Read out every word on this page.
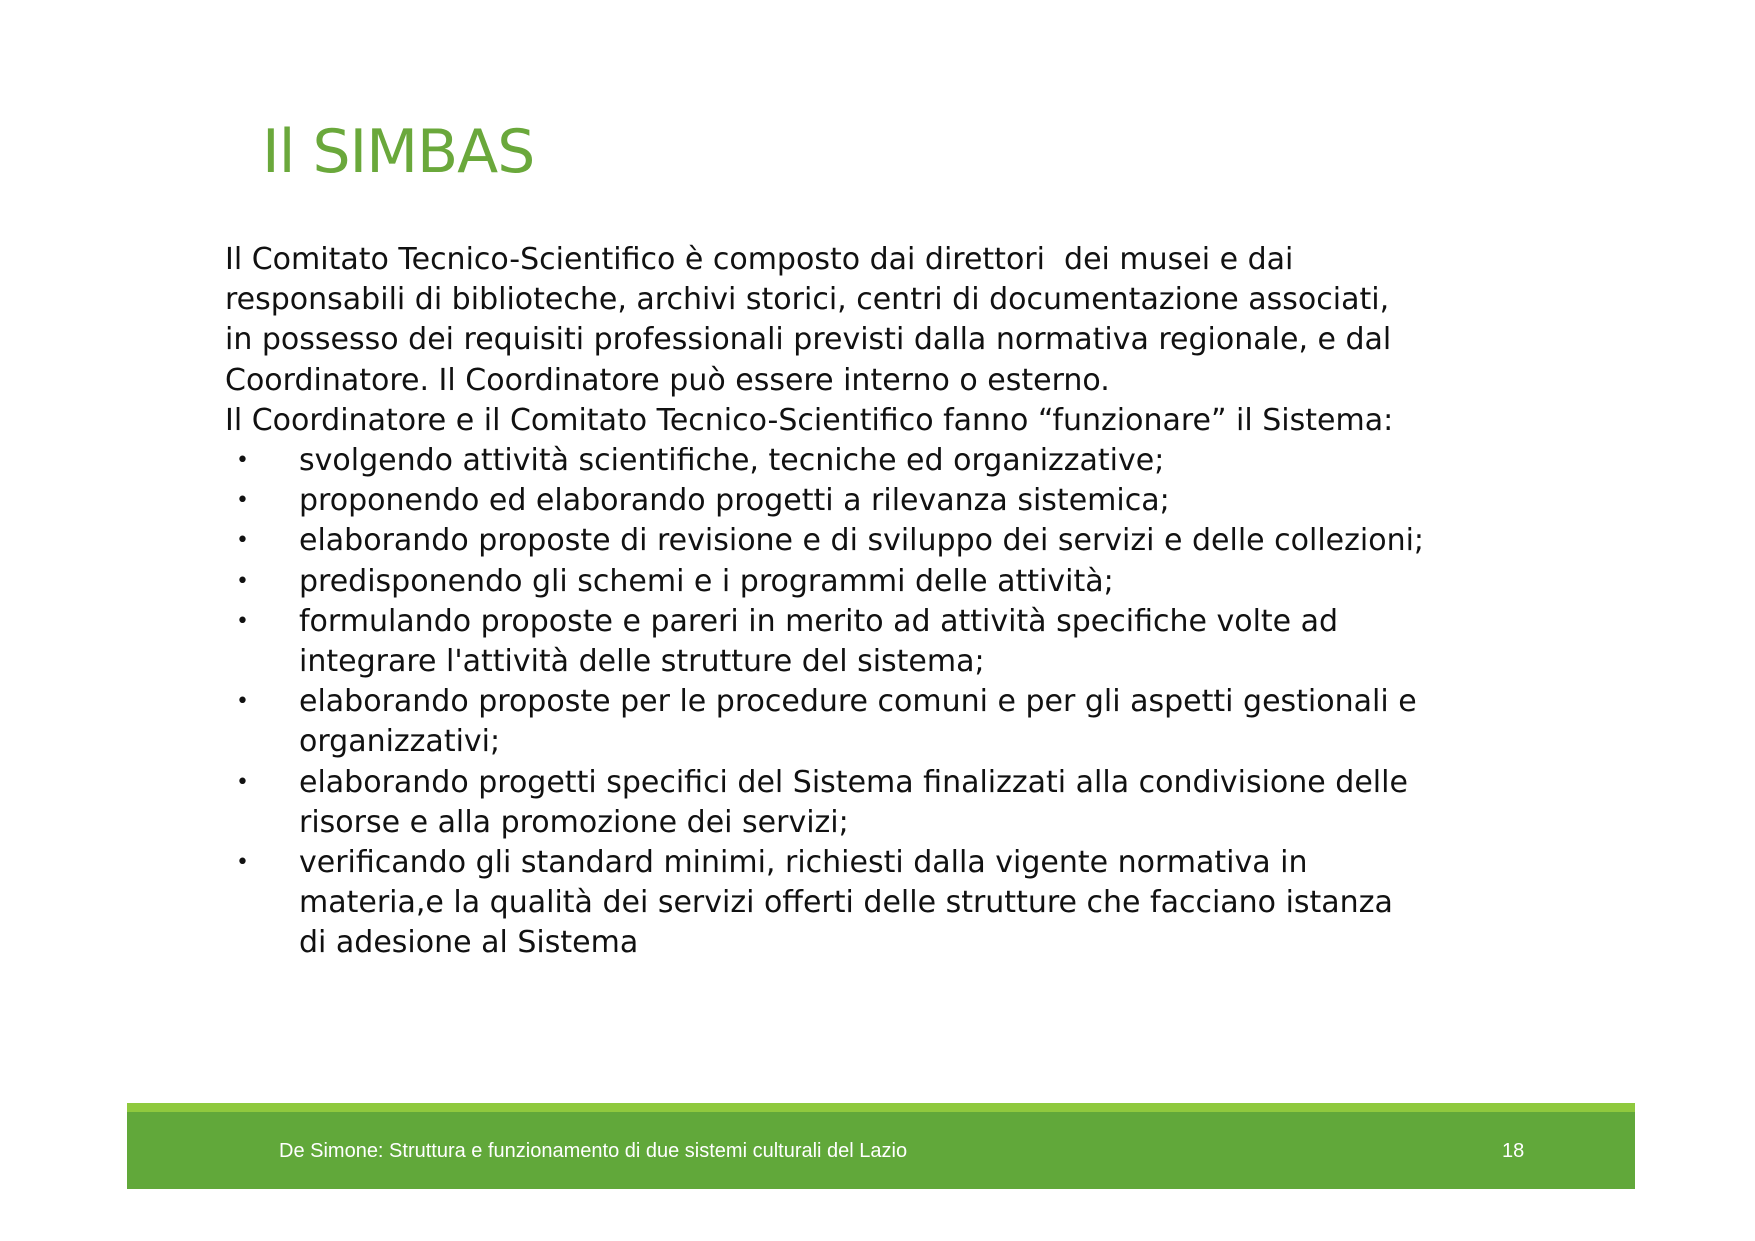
Il SIMBAS

Il Comitato Tecnico-Scientifico è composto dai direttori  dei musei e dai

responsabili di biblioteche, archivi storici, centri di documentazione associati,

in possesso dei requisiti professionali previsti dalla normativa regionale, e dal

Coordinatore. Il Coordinatore può essere interno o esterno.

Il Coordinatore e il Comitato Tecnico-Scientifico fanno “funzionare” il Sistema:

• svolgendo attività scientifiche, tecniche ed organizzative;

• proponendo ed elaborando progetti a rilevanza sistemica;

• elaborando proposte di revisione e di sviluppo dei servizi e delle collezioni;

• predisponendo gli schemi e i programmi delle attività;

• formulando proposte e pareri in merito ad attività specifiche volte ad

integrare l'attività delle strutture del sistema;

• elaborando proposte per le procedure comuni e per gli aspetti gestionali e

organizzativi;

• elaborando progetti specifici del Sistema finalizzati alla condivisione delle

risorse e alla promozione dei servizi;

• verificando gli standard minimi, richiesti dalla vigente normativa in

materia,e la qualità dei servizi offerti delle strutture che facciano istanza

di adesione al Sistema

De Simone: Struttura e funzionamento di due sistemi culturali del Lazio	18
